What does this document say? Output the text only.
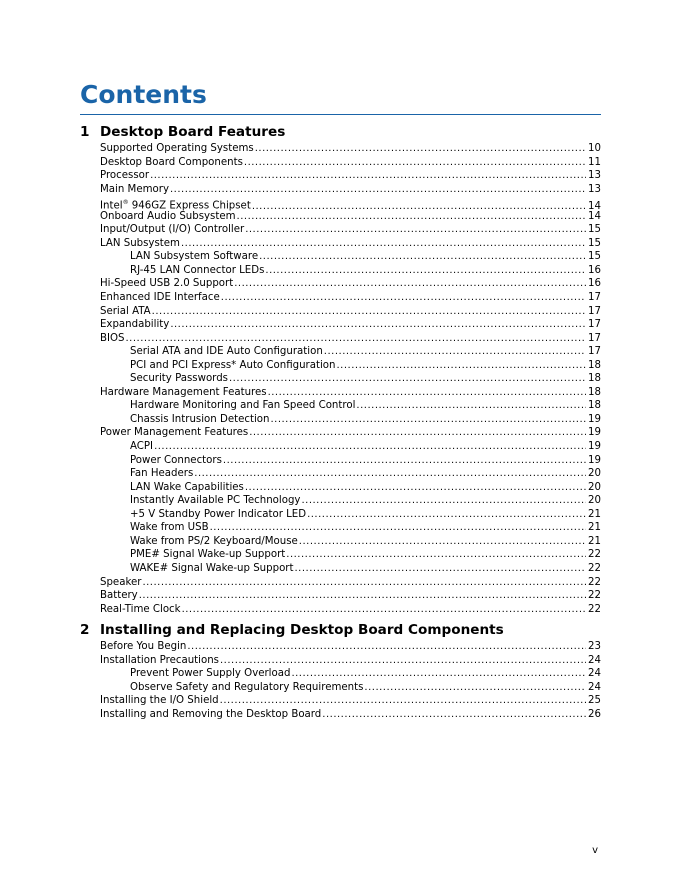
Contents
1 Desktop Board Features
Supported Operating Systems .....	10
Desktop Board Components .....	11
Processor .....	13
Main Memory .....	13
Intel® 946GZ Express Chipset .....	14
Onboard Audio Subsystem .....	14
Input/Output (I/O) Controller .....	15
LAN Subsystem .....	15
LAN Subsystem Software .....	15
RJ-45 LAN Connector LEDs .....	16
Hi-Speed USB 2.0 Support .....	16
Enhanced IDE Interface .....	17
Serial ATA .....	17
Expandability .....	17
BIOS .....	17
Serial ATA and IDE Auto Configuration .....	17
PCI and PCI Express* Auto Configuration .....	18
Security Passwords .....	18
Hardware Management Features .....	18
Hardware Monitoring and Fan Speed Control .....	18
Chassis Intrusion Detection .....	19
Power Management Features .....	19
ACPI .....	19
Power Connectors .....	19
Fan Headers .....	20
LAN Wake Capabilities .....	20
Instantly Available PC Technology .....	20
+5 V Standby Power Indicator LED .....	21
Wake from USB .....	21
Wake from PS/2 Keyboard/Mouse .....	21
PME# Signal Wake-up Support .....	22
WAKE# Signal Wake-up Support .....	22
Speaker .....	22
Battery .....	22
Real-Time Clock .....	22
2 Installing and Replacing Desktop Board Components
Before You Begin .....	23
Installation Precautions .....	24
Prevent Power Supply Overload .....	24
Observe Safety and Regulatory Requirements .....	24
Installing the I/O Shield .....	25
Installing and Removing the Desktop Board .....	26
v
